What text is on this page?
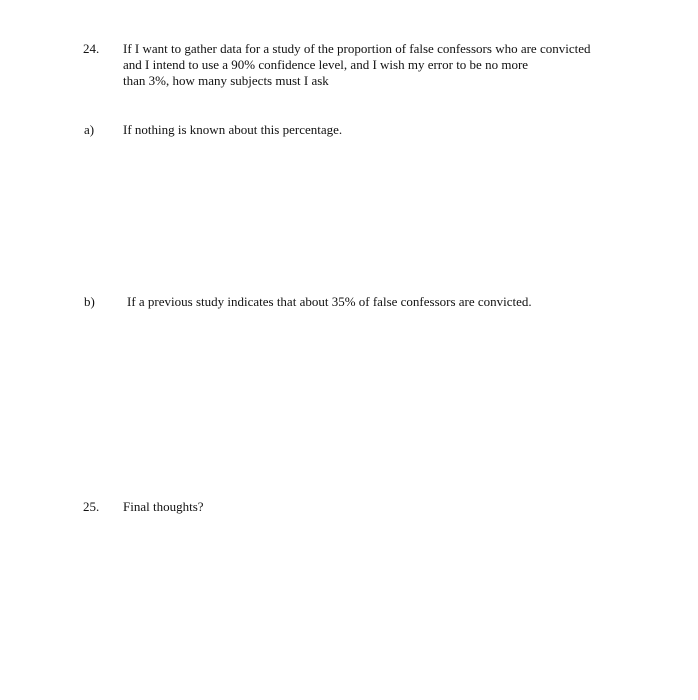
24. If I want to gather data for a study of the proportion of false confessors who are convicted

and I intend to use a 90% confidence level, and I wish my error to be no more

than 3%, how many subjects must I ask

a) If nothing is known about this percentage.

b) If a previous study indicates that about 35% of false confessors are convicted.

25. Final thoughts?
